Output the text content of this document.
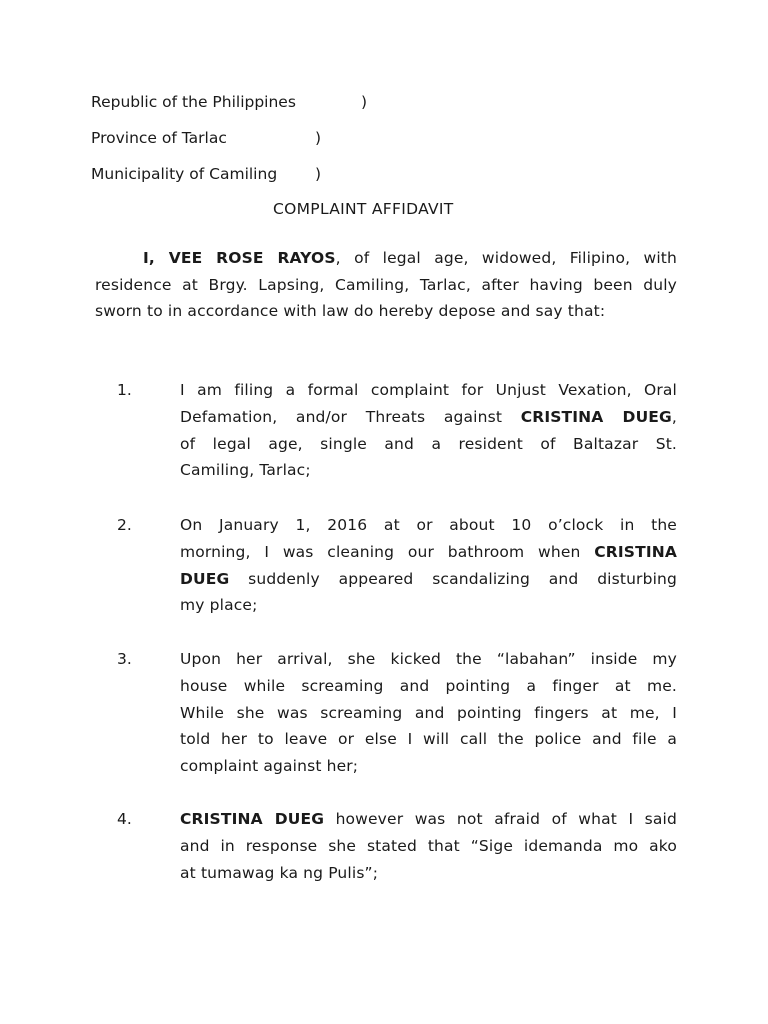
Republic of the Philippines	)
Province of Tarlac	)
Municipality of Camiling )
COMPLAINT AFFIDAVIT
I, VEE ROSE RAYOS, of legal age, widowed, Filipino, with residence at Brgy. Lapsing, Camiling, Tarlac, after having been duly sworn to in accordance with law do hereby depose and say that:
1.	I am filing a formal complaint for Unjust Vexation, Oral
Defamation, and/or Threats against CRISTINA DUEG,
of legal age, single and a resident of Baltazar St.
Camiling, Tarlac;
2.	On January 1, 2016 at or about 10 o’clock in the
morning, I was cleaning our bathroom when CRISTINA
DUEG suddenly appeared scandalizing and disturbing
my place;
3.	Upon her arrival, she kicked the “labahan” inside my
house while screaming and pointing a finger at me.
While she was screaming and pointing fingers at me, I
told her to leave or else I will call the police and file a
complaint against her;
4.	CRISTINA DUEG however was not afraid of what I said
and in response she stated that “Sige idemanda mo ako
at tumawag ka ng Pulis”;
